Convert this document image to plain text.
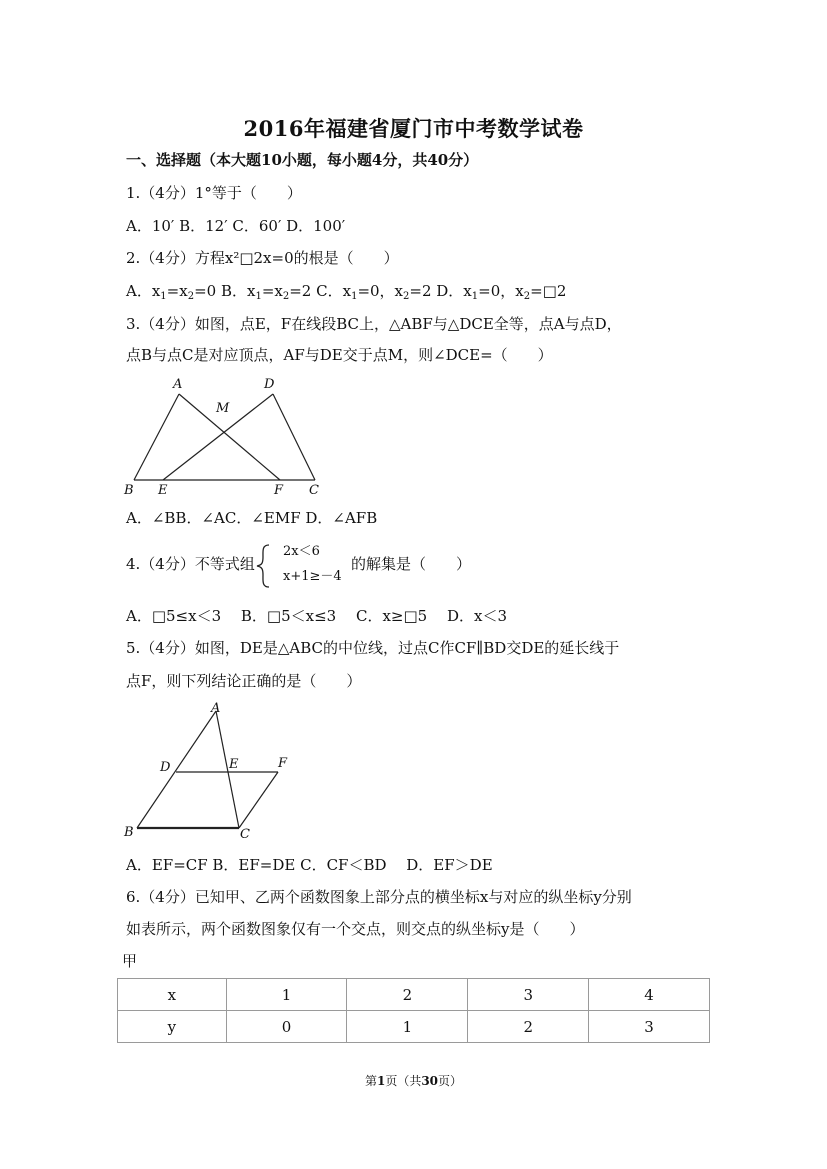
2016年福建省厦门市中考数学试卷
一、选择题（本大题10小题，每小题4分，共40分）
1.（4分）1°等于（　　）
A．10′ B．12′ C．60′ D．100′
2.（4分）方程x²□2x=0的根是（　　）
A．$x_1=x_2=0$ B．$x_1=x_2=2$ C．$x_1=0$，$x_2=2$ D．$x_1=0$，$x_2=□2$
3.（4分）如图，点E，F在线段BC上，△ABF与△DCE全等，点A与点D，
点B与点C是对应顶点，AF与DE交于点M，则∠DCE=（　　）
A	D
M
B E	F C
A．∠BB．∠AC．∠EMF D．∠AFB
4.（4分）不等式组
2x＜6
x+1≥－4
的解集是（　　）
A．□5≤x＜3　 B．□5＜x≤3　 C．x≥□5　 D．x＜3
5.（4分）如图，DE是△ABC的中位线，过点C作CF∥BD交DE的延长线于
点F，则下列结论正确的是（　　）
A
D	E	F
B	C
A．EF=CF B．EF=DE C．CF＜BD　 D．EF＞DE
6.（4分）已知甲、乙两个函数图象上部分点的横坐标x与对应的纵坐标y分别
如表所示，两个函数图象仅有一个交点，则交点的纵坐标y是（　　）
甲
x	1	2	3	4
y	0	1	2	3
第1页（共30页）
